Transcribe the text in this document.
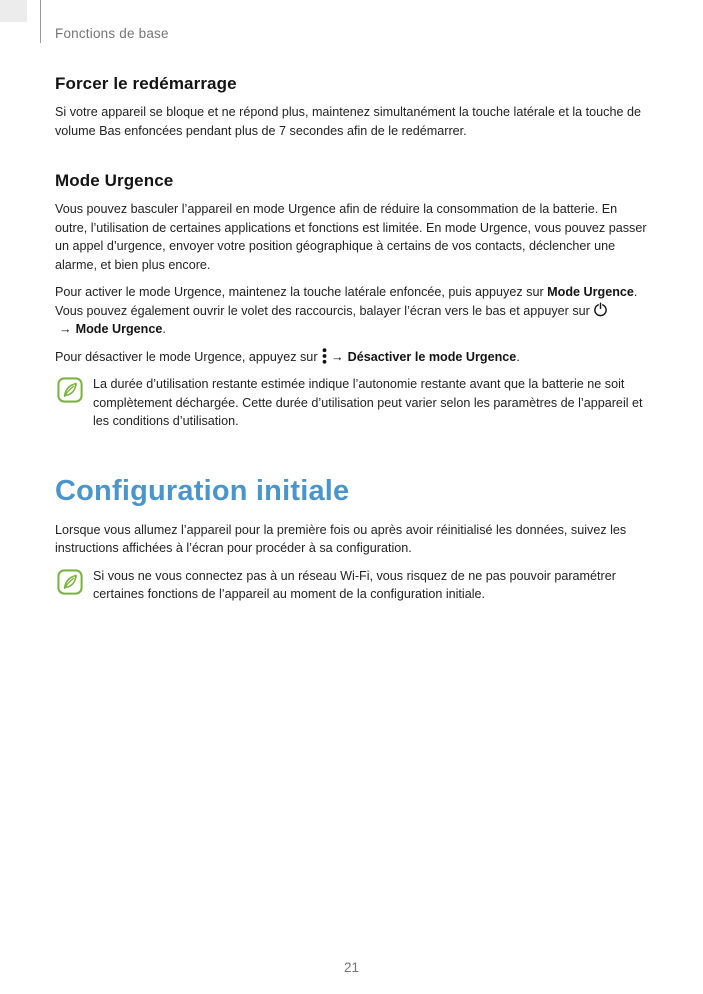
Fonctions de base
Forcer le redémarrage

Si votre appareil se bloque et ne répond plus, maintenez simultanément la touche latérale et la touche de volume Bas enfoncées pendant plus de 7 secondes afin de le redémarrer.

Mode Urgence

Vous pouvez basculer l’appareil en mode Urgence afin de réduire la consommation de la batterie. En outre, l’utilisation de certaines applications et fonctions est limitée. En mode Urgence, vous pouvez passer un appel d’urgence, envoyer votre position géographique à certains de vos contacts, déclencher une alarme, et bien plus encore.

Pour activer le mode Urgence, maintenez la touche latérale enfoncée, puis appuyez sur Mode Urgence. Vous pouvez également ouvrir le volet des raccourcis, balayer l’écran vers le bas et appuyer sur → Mode Urgence.

Pour désactiver le mode Urgence, appuyez sur → Désactiver le mode Urgence.

La durée d’utilisation restante estimée indique l’autonomie restante avant que la batterie ne soit complètement déchargée. Cette durée d’utilisation peut varier selon les paramètres de l’appareil et les conditions d’utilisation.
Configuration initiale

Lorsque vous allumez l’appareil pour la première fois ou après avoir réinitialisé les données, suivez les instructions affichées à l’écran pour procéder à sa configuration.

Si vous ne vous connectez pas à un réseau Wi-Fi, vous risquez de ne pas pouvoir paramétrer certaines fonctions de l’appareil au moment de la configuration initiale.
21
